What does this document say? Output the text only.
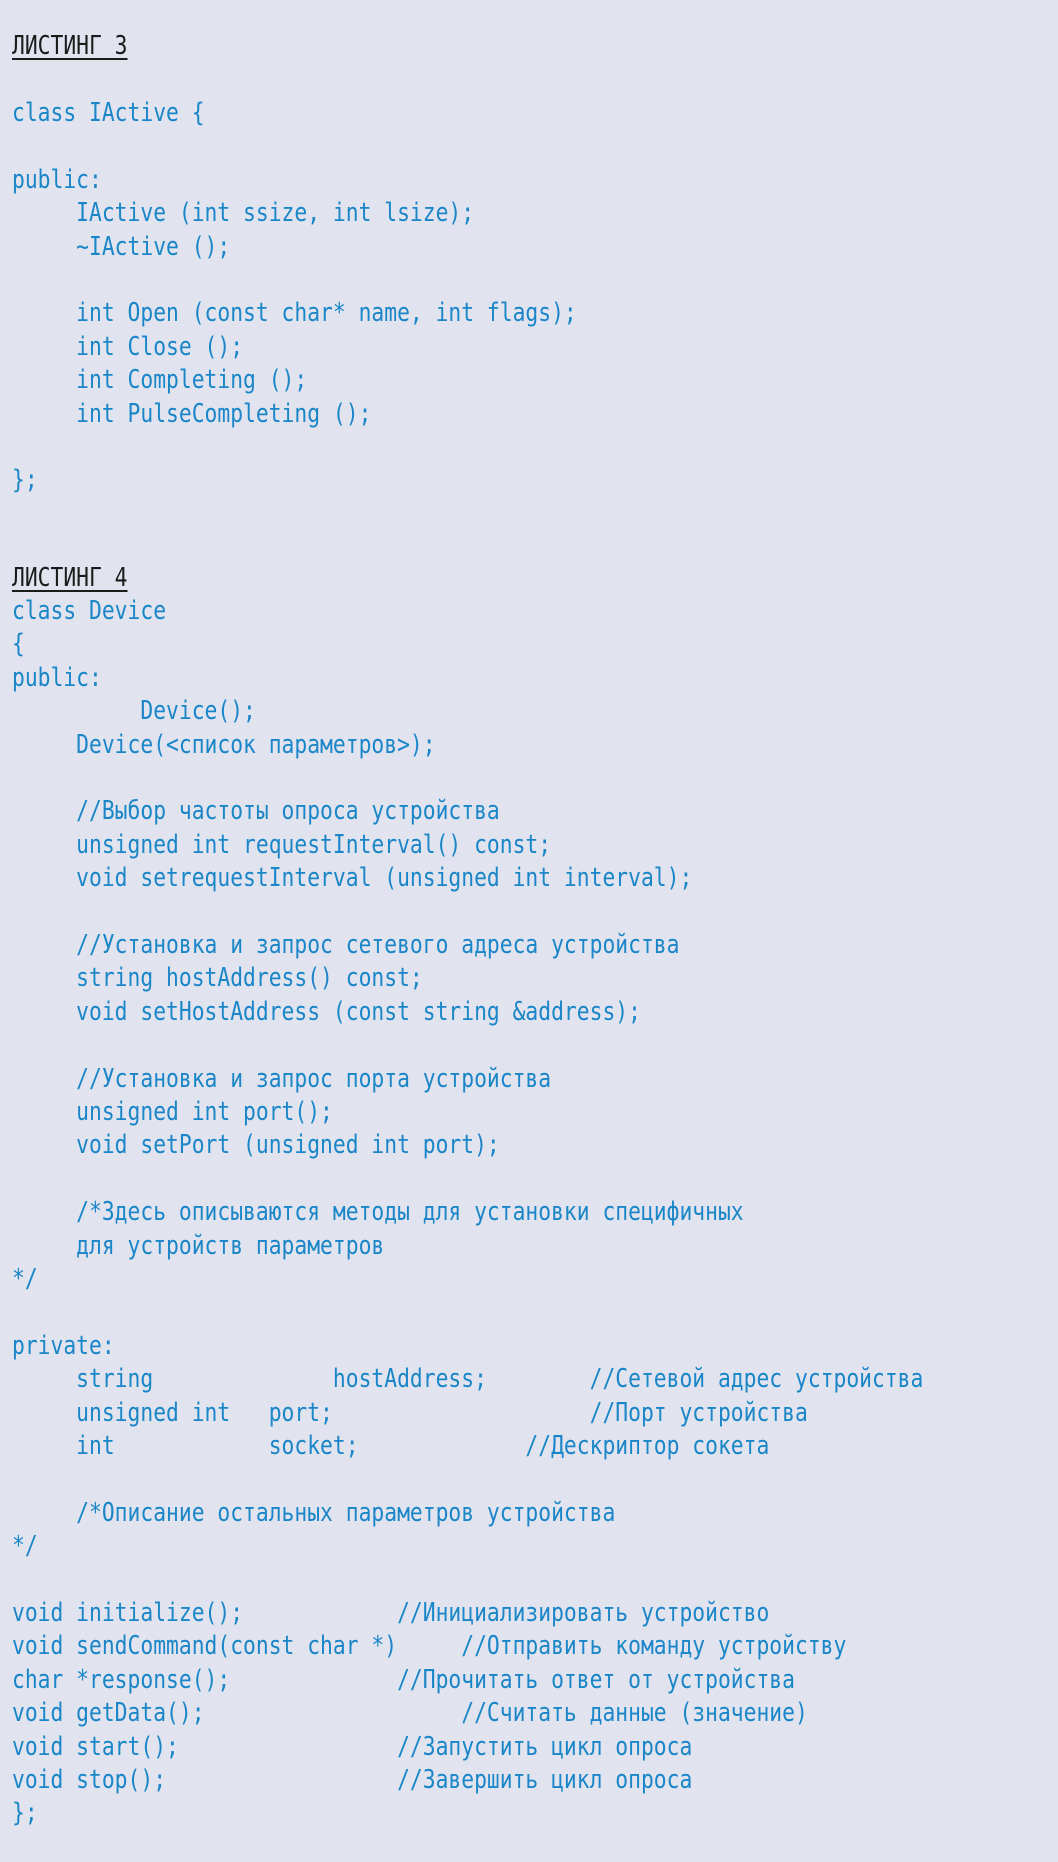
ЛИСТИНГ 3
class IActive {
public:
IActive (int ssize, int lsize);
~IActive ();
int Open (const char* name, int flags);
int Close ();
int Completing ();
int PulseCompleting ();
};
ЛИСТИНГ 4
class Device
{
public:
Device();
Device(<список параметров>);
//Выбор частоты опроса устройства
unsigned int requestInterval() const;
void setrequestInterval (unsigned int interval);
//Установка и запрос сетевого адреса устройства
string hostAddress() const;
void setHostAddress (const string &address);
//Установка и запрос порта устройства
unsigned int port();
void setPort (unsigned int port);
/*Здесь описываются методы для установки специфичных
для устройств параметров
*/
private:
string              hostAddress;        //Сетевой адрес устройства
unsigned int   port;                    //Порт устройства
int            socket;             //Дескриптор сокета
/*Описание остальных параметров устройства
*/
void initialize();            //Инициализировать устройство
void sendCommand(const char *)     //Отправить команду устройству
char *response();             //Прочитать ответ от устройства
void getData();                    //Считать данные (значение)
void start();                 //Запустить цикл опроса
void stop();                  //Завершить цикл опроса
};
